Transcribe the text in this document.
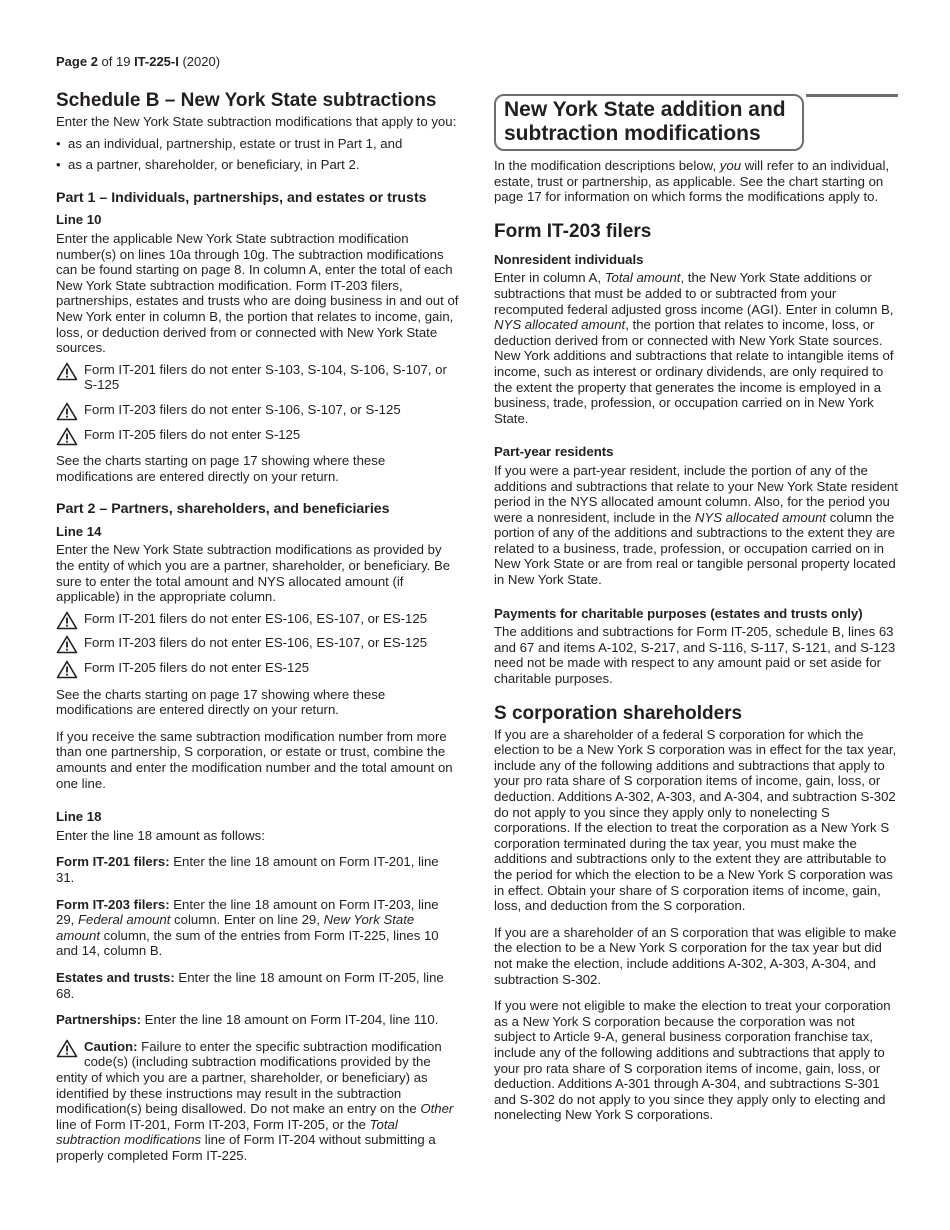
Page 2 of 19 IT-225-I (2020)
Schedule B – New York State subtractions

Enter the New York State subtraction modifications that apply to you:

• as an individual, partnership, estate or trust in Part 1, and
• as a partner, shareholder, or beneficiary, in Part 2.
Part 1 – Individuals, partnerships, and estates or trusts
Line 10

Enter the applicable New York State subtraction modification number(s) on lines 10a through 10g. The subtraction modifications can be found starting on page 8. In column A, enter the total of each New York State subtraction modification. Form IT-203 filers, partnerships, estates and trusts who are doing business in and out of New York enter in column B, the portion that relates to income, gain, loss, or deduction derived from or connected with New York State sources.

Form IT-201 filers do not enter S-103, S-104, S-106, S-107, or S-125
Form IT-203 filers do not enter S-106, S-107, or S-125
Form IT-205 filers do not enter S-125

See the charts starting on page 17 showing where these modifications are entered directly on your return.

Part 2 – Partners, shareholders, and beneficiaries
Line 14

Enter the New York State subtraction modifications as provided by the entity of which you are a partner, shareholder, or beneficiary. Be sure to enter the total amount and NYS allocated amount (if applicable) in the appropriate column.

Form IT-201 filers do not enter ES-106, ES-107, or ES-125
Form IT-203 filers do not enter ES-106, ES-107, or ES-125
Form IT-205 filers do not enter ES-125

See the charts starting on page 17 showing where these modifications are entered directly on your return.

If you receive the same subtraction modification number from more than one partnership, S corporation, or estate or trust, combine the amounts and enter the modification number and the total amount on one line.

Line 18

Enter the line 18 amount as follows:

Form IT-201 filers: Enter the line 18 amount on Form IT-201, line 31.

Form IT-203 filers: Enter the line 18 amount on Form IT-203, line 29, Federal amount column. Enter on line 29, New York State amount column, the sum of the entries from Form IT-225, lines 10 and 14, column B.

Estates and trusts: Enter the line 18 amount on Form IT-205, line 68.

Partnerships: Enter the line 18 amount on Form IT-204, line 110.

Caution: Failure to enter the specific subtraction modification code(s) (including subtraction modifications provided by the entity of which you are a partner, shareholder, or beneficiary) as identified by these instructions may result in the subtraction modification(s) being disallowed. Do not make an entry on the Other line of Form IT-201, Form IT-203, Form IT-205, or the Total subtraction modifications line of Form IT-204 without submitting a properly completed Form IT-225.

New York State addition and subtraction modifications

In the modification descriptions below, you will refer to an individual, estate, trust or partnership, as applicable. See the chart starting on page 17 for information on which forms the modifications apply to.

Form IT-203 filers
Nonresident individuals

Enter in column A, Total amount, the New York State additions or subtractions that must be added to or subtracted from your recomputed federal adjusted gross income (AGI). Enter in column B, NYS allocated amount, the portion that relates to income, loss, or deduction derived from or connected with New York State sources. New York additions and subtractions that relate to intangible items of income, such as interest or ordinary dividends, are only required to the extent the property that generates the income is employed in a business, trade, profession, or occupation carried on in New York State.

Part-year residents

If you were a part-year resident, include the portion of any of the additions and subtractions that relate to your New York State resident period in the NYS allocated amount column. Also, for the period you were a nonresident, include in the NYS allocated amount column the portion of any of the additions and subtractions to the extent they are related to a business, trade, profession, or occupation carried on in New York State or are from real or tangible personal property located in New York State.

Payments for charitable purposes (estates and trusts only)

The additions and subtractions for Form IT-205, schedule B, lines 63 and 67 and items A-102, S-217, and S-116, S-117, S-121, and S-123 need not be made with respect to any amount paid or set aside for charitable purposes.

S corporation shareholders

If you are a shareholder of a federal S corporation for which the election to be a New York S corporation was in effect for the tax year, include any of the following additions and subtractions that apply to your pro rata share of S corporation items of income, gain, loss, or deduction. Additions A-302, A-303, and A-304, and subtraction S-302 do not apply to you since they apply only to nonelecting S corporations. If the election to treat the corporation as a New York S corporation terminated during the tax year, you must make the additions and subtractions only to the extent they are attributable to the period for which the election to be a New York S corporation was in effect. Obtain your share of S corporation items of income, gain, loss, and deduction from the S corporation.

If you are a shareholder of an S corporation that was eligible to make the election to be a New York S corporation for the tax year but did not make the election, include additions A-302, A-303, A-304, and subtraction S-302.

If you were not eligible to make the election to treat your corporation as a New York S corporation because the corporation was not subject to Article 9-A, general business corporation franchise tax, include any of the following additions and subtractions that apply to your pro rata share of S corporation items of income, gain, loss, or deduction. Additions A-301 through A-304, and subtractions S-301 and S-302 do not apply to you since they apply only to electing and nonelecting New York S corporations.
